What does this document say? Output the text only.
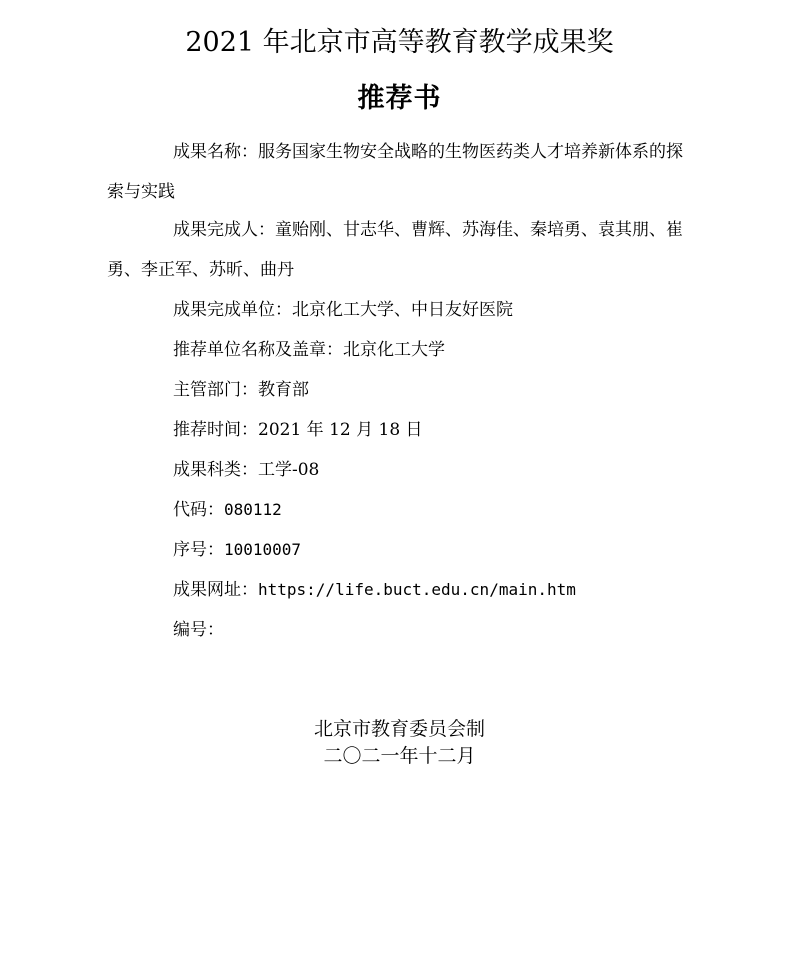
2021 年北京市高等教育教学成果奖
推荐书
成果名称：服务国家生物安全战略的生物医药类人才培养新体系的探索与实践
成果完成人：童贻刚、甘志华、曹辉、苏海佳、秦培勇、袁其朋、崔勇、李正军、苏昕、曲丹
成果完成单位：北京化工大学、中日友好医院
推荐单位名称及盖章：北京化工大学
主管部门：教育部
推荐时间：2021 年 12 月 18 日
成果科类：工学-08
代码：080112
序号：10010007
成果网址：https://life.buct.edu.cn/main.htm
编号：
北京市教育委员会制
二〇二一年十二月
